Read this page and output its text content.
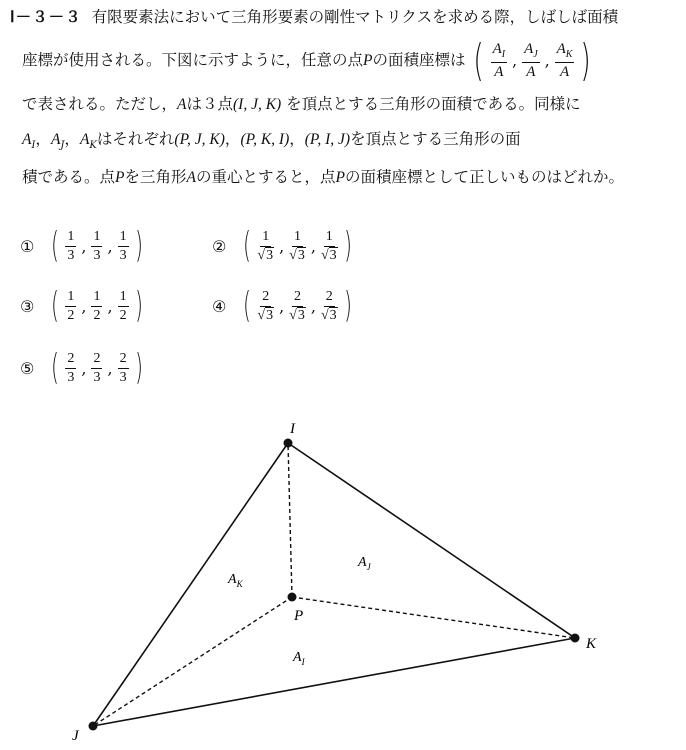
Ⅰ－３－３ 有限要素法において三角形要素の剛性マトリクスを求める際，しばしば面積
座標が使用される。下図に示すように，任意の点Pの面積座標は ( $\frac{A_I}{A}$ , $\frac{A_J}{A}$ , $\frac{A_K}{A}$ )
で表される。ただし，Aは３点(I, J, K) を頂点とする三角形の面積である。同様に
$A_I$，$A_J$，$A_K$はそれぞれ(P, J, K)，(P, K, I)，(P, I, J)を頂点とする三角形の面
積である。点Pを三角形Aの重心とすると，点Pの面積座標として正しいものはどれか。
① ( $\frac{1}{3}$ , $\frac{1}{3}$ , $\frac{1}{3}$ )	② ( $\frac{1}{√3}$ , $\frac{1}{√3}$ , $\frac{1}{√3}$ )
③ ( $\frac{1}{2}$ , $\frac{1}{2}$ , $\frac{1}{2}$ )	④ ( $\frac{2}{√3}$ , $\frac{2}{√3}$ , $\frac{2}{√3}$ )
⑤ ( $\frac{2}{3}$ , $\frac{2}{3}$ , $\frac{2}{3}$ )
I
J
K
P
$A_K$
$A_J$
$A_I$
